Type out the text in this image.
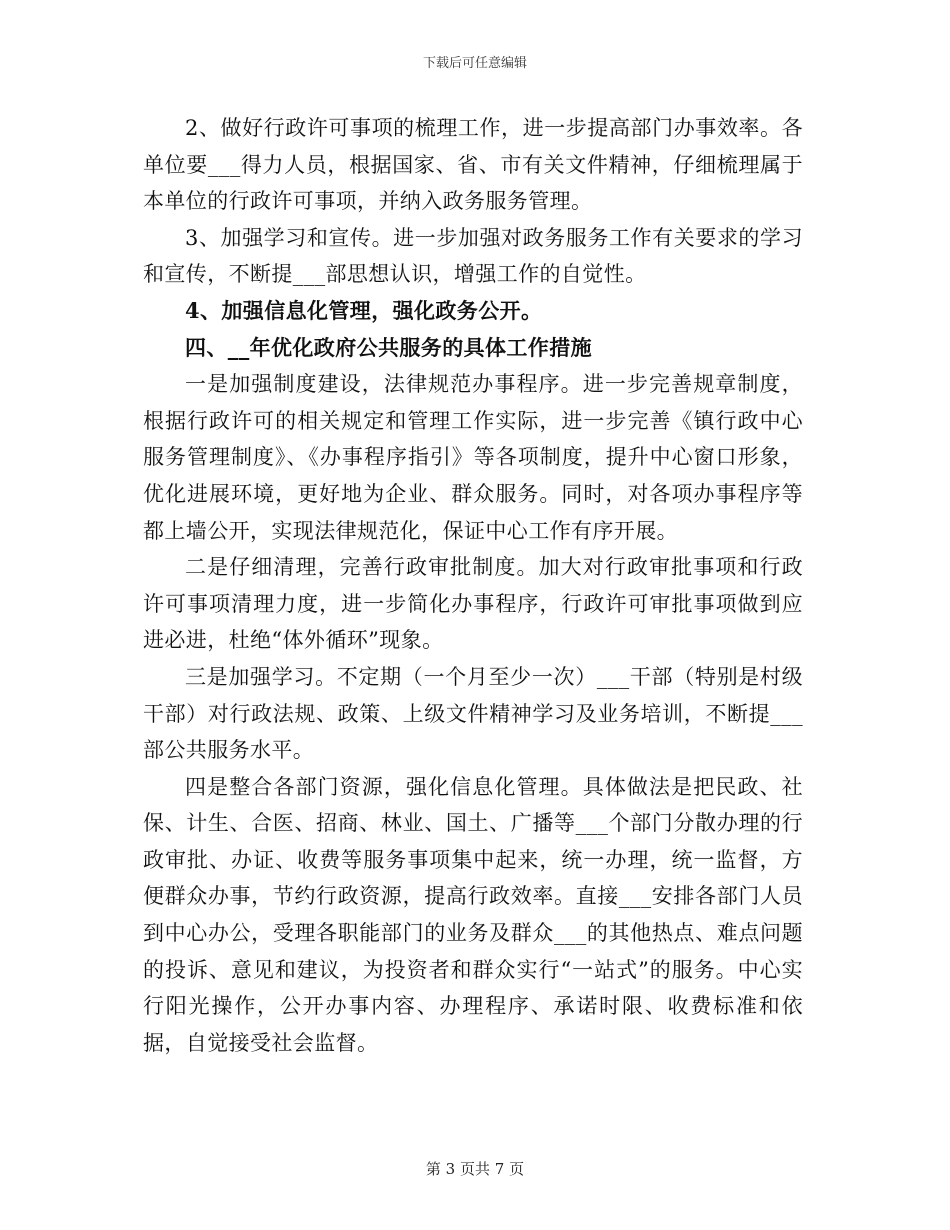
下载后可任意编辑

2、做好行政许可事项的梳理工作，进一步提高部门办事效率。各单位要___得力人员，根据国家、省、市有关文件精神，仔细梳理属于本单位的行政许可事项，并纳入政务服务管理。

3、加强学习和宣传。进一步加强对政务服务工作有关要求的学习和宣传，不断提___部思想认识，增强工作的自觉性。

4、加强信息化管理，强化政务公开。

四、__年优化政府公共服务的具体工作措施

一是加强制度建设，法律规范办事程序。进一步完善规章制度，根据行政许可的相关规定和管理工作实际，进一步完善《镇行政中心服务管理制度》、《办事程序指引》等各项制度，提升中心窗口形象，优化进展环境，更好地为企业、群众服务。同时，对各项办事程序等都上墙公开，实现法律规范化，保证中心工作有序开展。

二是仔细清理，完善行政审批制度。加大对行政审批事项和行政许可事项清理力度，进一步简化办事程序，行政许可审批事项做到应进必进，杜绝“体外循环”现象。

三是加强学习。不定期（一个月至少一次）___干部（特别是村级干部）对行政法规、政策、上级文件精神学习及业务培训，不断提___部公共服务水平。

四是整合各部门资源，强化信息化管理。具体做法是把民政、社保、计生、合医、招商、林业、国土、广播等___个部门分散办理的行政审批、办证、收费等服务事项集中起来，统一办理，统一监督，方便群众办事，节约行政资源，提高行政效率。直接___安排各部门人员到中心办公，受理各职能部门的业务及群众___的其他热点、难点问题的投诉、意见和建议，为投资者和群众实行“一站式”的服务。中心实行阳光操作，公开办事内容、办理程序、承诺时限、收费标准和依据，自觉接受社会监督。

第 3 页共 7 页
